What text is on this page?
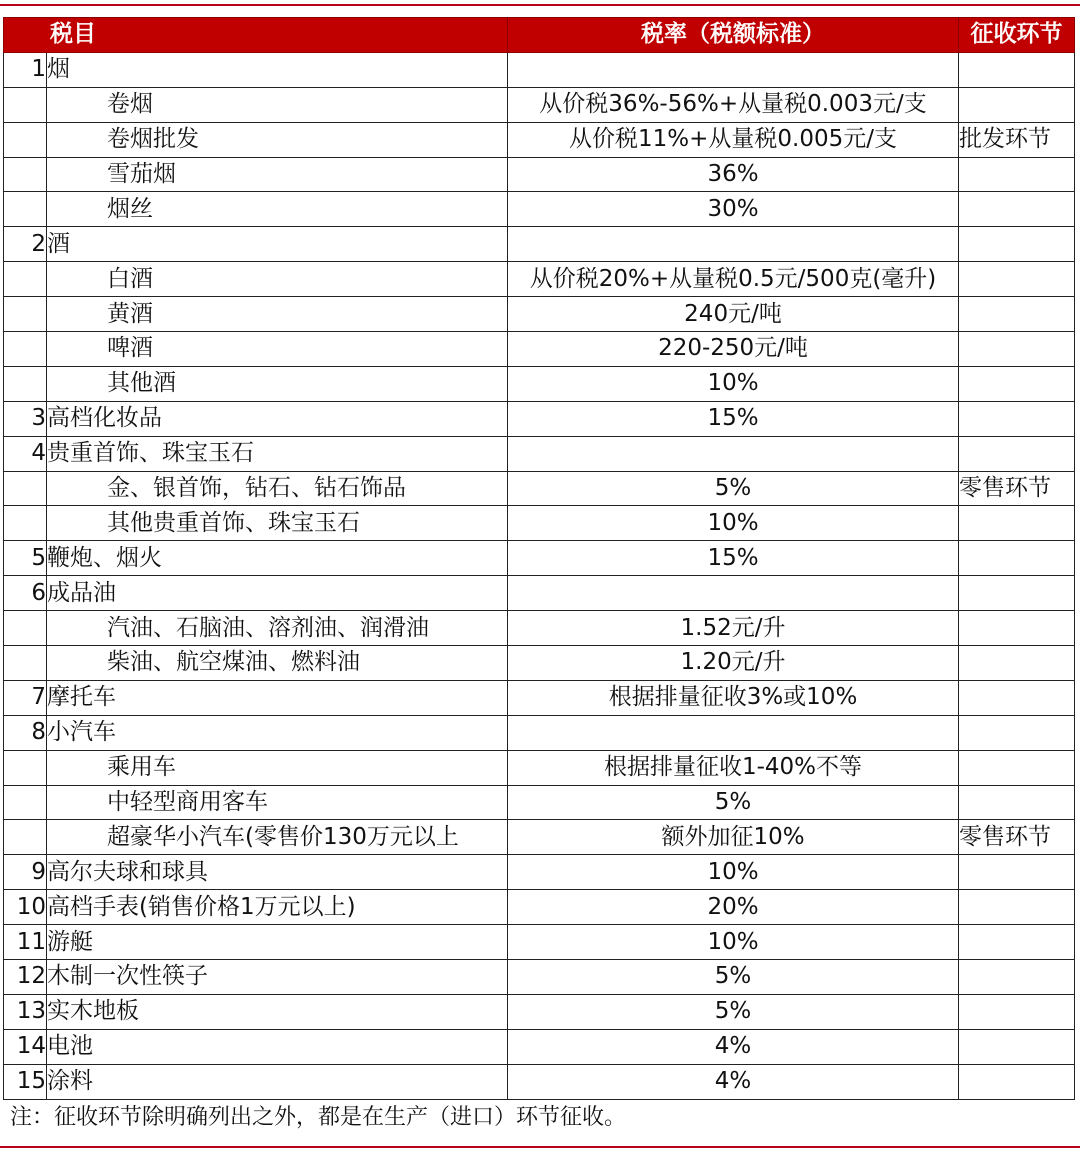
税目		税率（税额标准）	征收环节
1	烟		
	卷烟	从价税36%-56%+从量税0.003元/支	
	卷烟批发	从价税11%+从量税0.005元/支	批发环节
	雪茄烟	36%	
	烟丝	30%	
2	酒		
	白酒	从价税20%+从量税0.5元/500克(毫升)	
	黄酒	240元/吨	
	啤酒	220-250元/吨	
	其他酒	10%	
3	高档化妆品	15%	
4	贵重首饰、珠宝玉石		
	金、银首饰，钻石、钻石饰品	5%	零售环节
	其他贵重首饰、珠宝玉石	10%	
5	鞭炮、烟火	15%	
6	成品油		
	汽油、石脑油、溶剂油、润滑油	1.52元/升	
	柴油、航空煤油、燃料油	1.20元/升	
7	摩托车	根据排量征收3%或10%	
8	小汽车		
	乘用车	根据排量征收1-40%不等	
	中轻型商用客车	5%	
	超豪华小汽车(零售价130万元以上	额外加征10%	零售环节
9	高尔夫球和球具	10%	
10	高档手表(销售价格1万元以上)	20%	
11	游艇	10%	
12	木制一次性筷子	5%	
13	实木地板	5%	
14	电池	4%	
15	涂料	4%	
注：征收环节除明确列出之外，都是在生产（进口）环节征收。
